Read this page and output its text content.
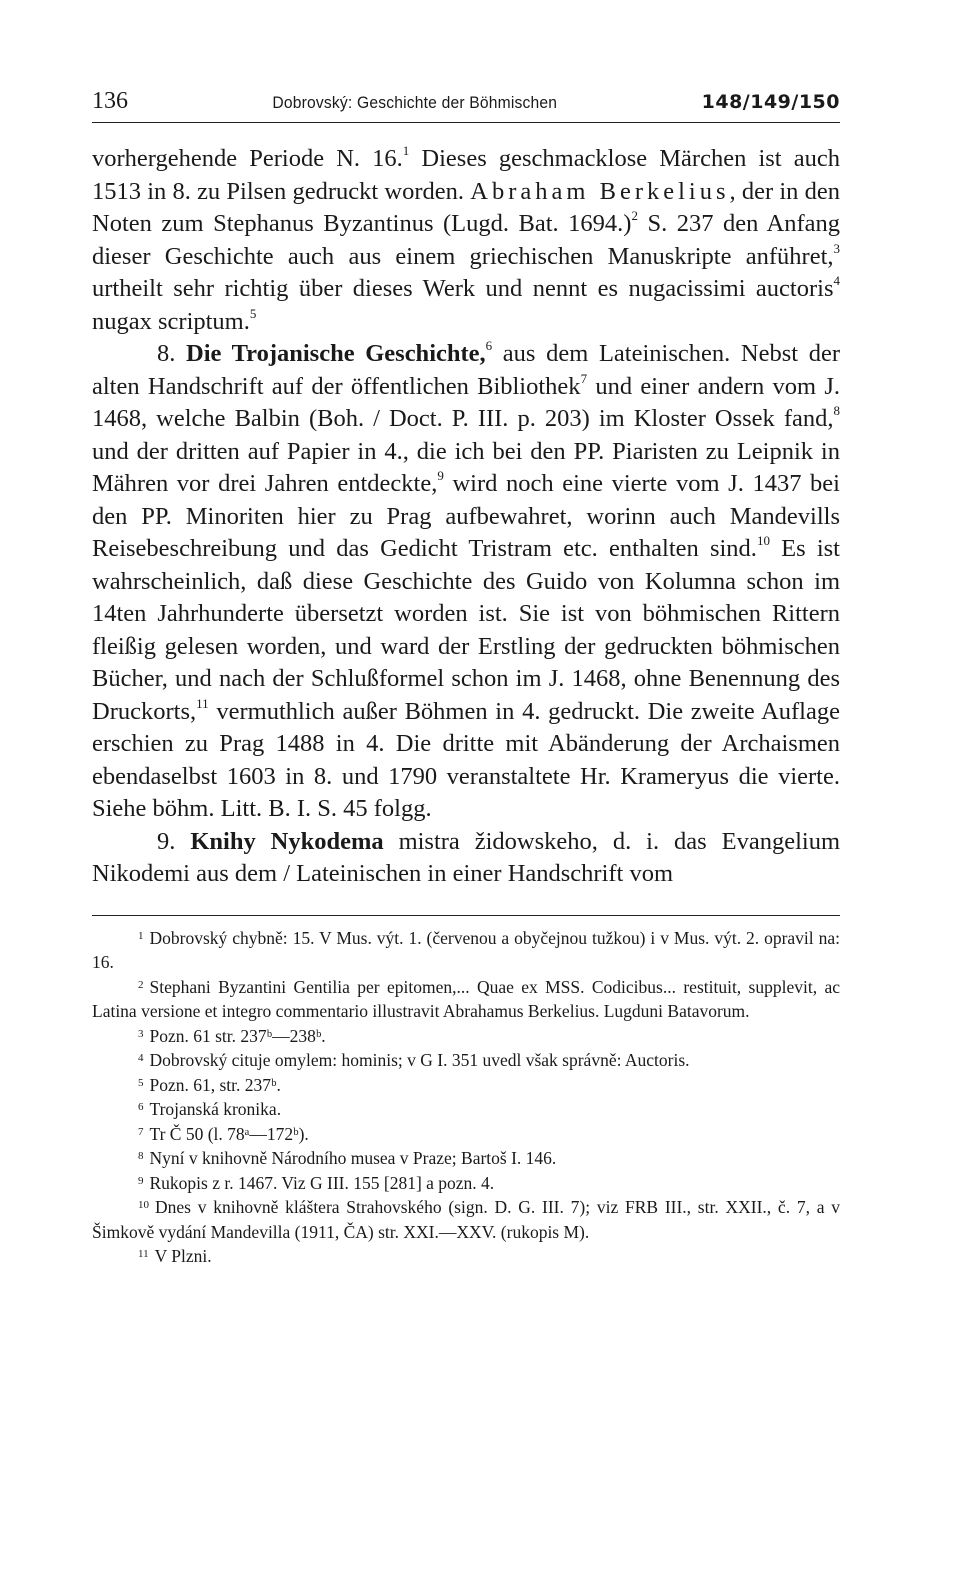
136	Dobrovský: Geschichte der Böhmischen	148/149/150

vorhergehende Periode N. 16.$^1$ Dieses geschmacklose Märchen ist auch 1513 in 8. zu Pilsen gedruckt worden. Abraham Berkelius, der in den Noten zum Stephanus Byzantinus (Lugd. Bat. 1694.)$^2$ S. 237 den Anfang dieser Geschichte auch aus einem griechischen Manuskripte anführet,$^3$ urtheilt sehr richtig über dieses Werk und nennt es nugacissimi auctoris$^4$ nugax scriptum.$^5$

8. Die Trojanische Geschichte,$^6$ aus dem Lateinischen. Nebst der alten Handschrift auf der öffentlichen Bibliothek$^7$ und einer andern vom J. 1468, welche Balbin (Boh. / Doct. P. III. p. 203) im Kloster Ossek fand,$^8$ und der dritten auf Papier in 4., die ich bei den PP. Piaristen zu Leipnik in Mähren vor drei Jahren entdeckte,$^9$ wird noch eine vierte vom J. 1437 bei den PP. Minoriten hier zu Prag aufbewahret, worinn auch Mandevills Reisebeschreibung und das Gedicht Tristram etc. enthalten sind.$^{10}$ Es ist wahrscheinlich, daß diese Geschichte des Guido von Kolumna schon im 14ten Jahrhunderte übersetzt worden ist. Sie ist von böhmischen Rittern fleißig gelesen worden, und ward der Erstling der gedruckten böhmischen Bücher, und nach der Schlußformel schon im J. 1468, ohne Benennung des Druckorts,$^{11}$ vermuthlich außer Böhmen in 4. gedruckt. Die zweite Auflage erschien zu Prag 1488 in 4. Die dritte mit Abänderung der Archaismen ebendaselbst 1603 in 8. und 1790 veranstaltete Hr. Krameryus die vierte. Siehe böhm. Litt. B. I. S. 45 folgg.

9. Knihy Nykodema mistra židowskeho, d. i. das Evangelium Nikodemi aus dem / Lateinischen in einer Handschrift vom

$^1$ Dobrovský chybně: 15. V Mus. výt. 1. (červenou a obyčejnou tužkou) i v Mus. výt. 2. opravil na: 16.

$^2$ Stephani Byzantini Gentilia per epitomen,... Quae ex MSS. Codicibus... restituit, supplevit, ac Latina versione et integro commentario illustravit Abrahamus Berkelius. Lugduni Batavorum.

$^3$ Pozn. 61 str. 237ᵇ—238ᵇ.

$^4$ Dobrovský cituje omylem: hominis; v G I. 351 uvedl však správně: Auctoris.

$^5$ Pozn. 61, str. 237ᵇ.

$^6$ Trojanská kronika.

$^7$ Tr Č 50 (l. 78ᵃ—172ᵇ).

$^8$ Nyní v knihovně Národního musea v Praze; Bartoš I. 146.

$^9$ Rukopis z r. 1467. Viz G III. 155 [281] a pozn. 4.

$^{10}$ Dnes v knihovně kláštera Strahovského (sign. D. G. III. 7); viz FRB III., str. XXII., č. 7, a v Šimkově vydání Mandevilla (1911, ČA) str. XXI.—XXV. (rukopis M).

$^{11}$ V Plzni.
